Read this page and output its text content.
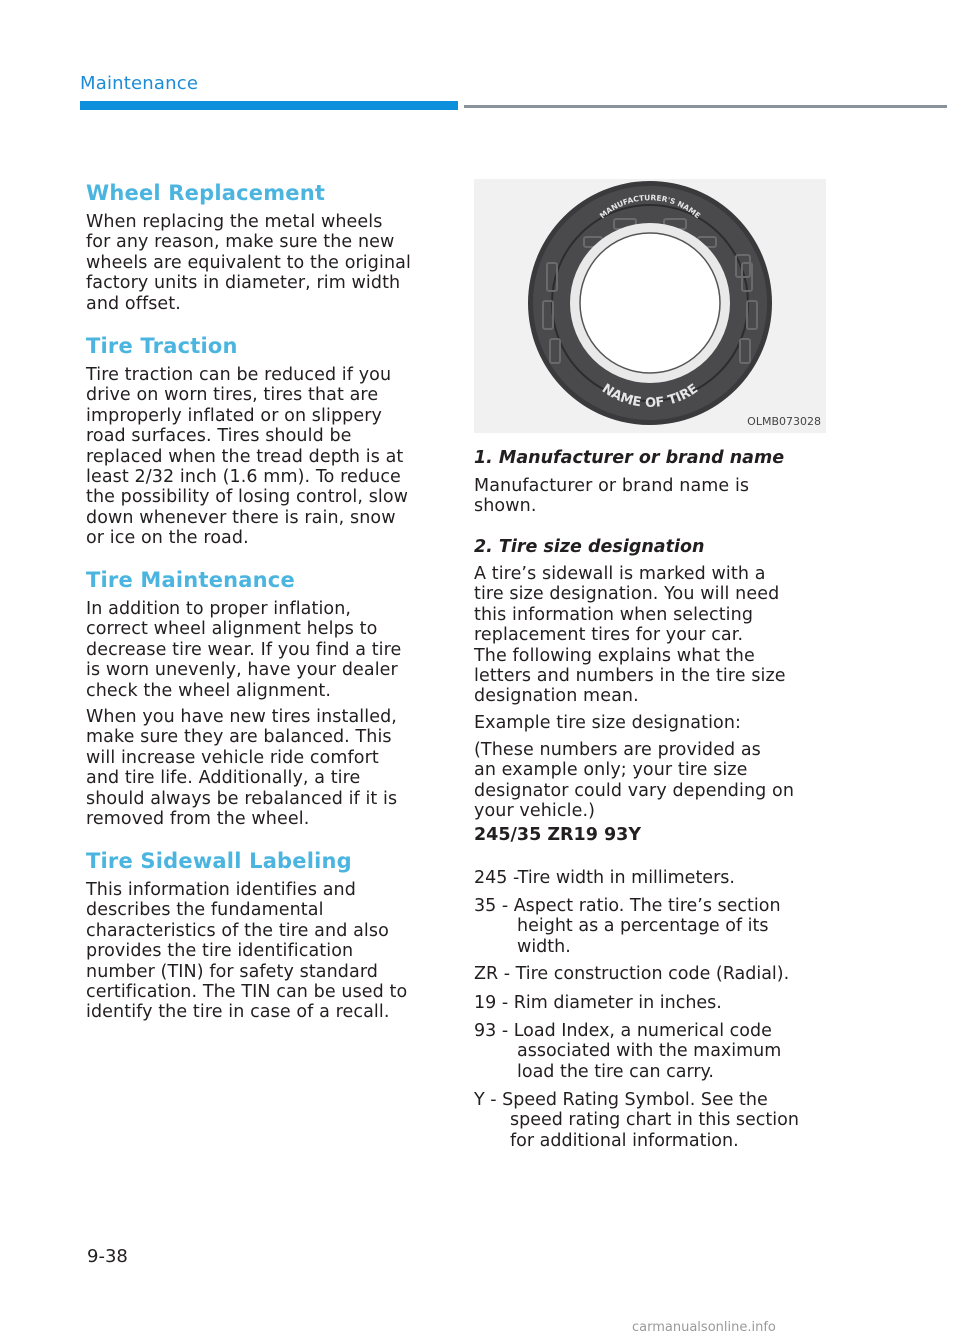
Maintenance
Wheel Replacement

When replacing the metal wheels

for any reason, make sure the new

wheels are equivalent to the original

factory units in diameter, rim width

and offset.

Tire Traction

Tire traction can be reduced if you

drive on worn tires, tires that are

improperly inflated or on slippery

road surfaces. Tires should be

replaced when the tread depth is at

least 2/32 inch (1.6 mm). To reduce

the possibility of losing control, slow

down whenever there is rain, snow

or ice on the road.

Tire Maintenance

In addition to proper inflation,

correct wheel alignment helps to

decrease tire wear. If you find a tire

is worn unevenly, have your dealer

check the wheel alignment.

When you have new tires installed,

make sure they are balanced. This

will increase vehicle ride comfort

and tire life. Additionally, a tire

should always be rebalanced if it is

removed from the wheel.

Tire Sidewall Labeling

This information identifies and

describes the fundamental

characteristics of the tire and also

provides the tire identification

number (TIN) for safety standard

certification. The TIN can be used to

identify the tire in case of a recall.

MANUFACTURER'S NAME
NAME OF TIRE
OLMB073028
1. Manufacturer or brand name

Manufacturer or brand name is

shown.

2. Tire size designation

A tire’s sidewall is marked with a

tire size designation. You will need

this information when selecting

replacement tires for your car.

The following explains what the

letters and numbers in the tire size

designation mean.

Example tire size designation:

(These numbers are provided as

an example only; your tire size

designator could vary depending on

your vehicle.)

245/35 ZR19 93Y
245 -Tire width in millimeters.
35 - Aspect ratio. The tire’s section
height as a percentage of its
width.
ZR - Tire construction code (Radial).
19 - Rim diameter in inches.
93 - Load Index, a numerical code
associated with the maximum
load the tire can carry.
Y - Speed Rating Symbol. See the
speed rating chart in this section
for additional information.
9-38
carmanualsonline.info
